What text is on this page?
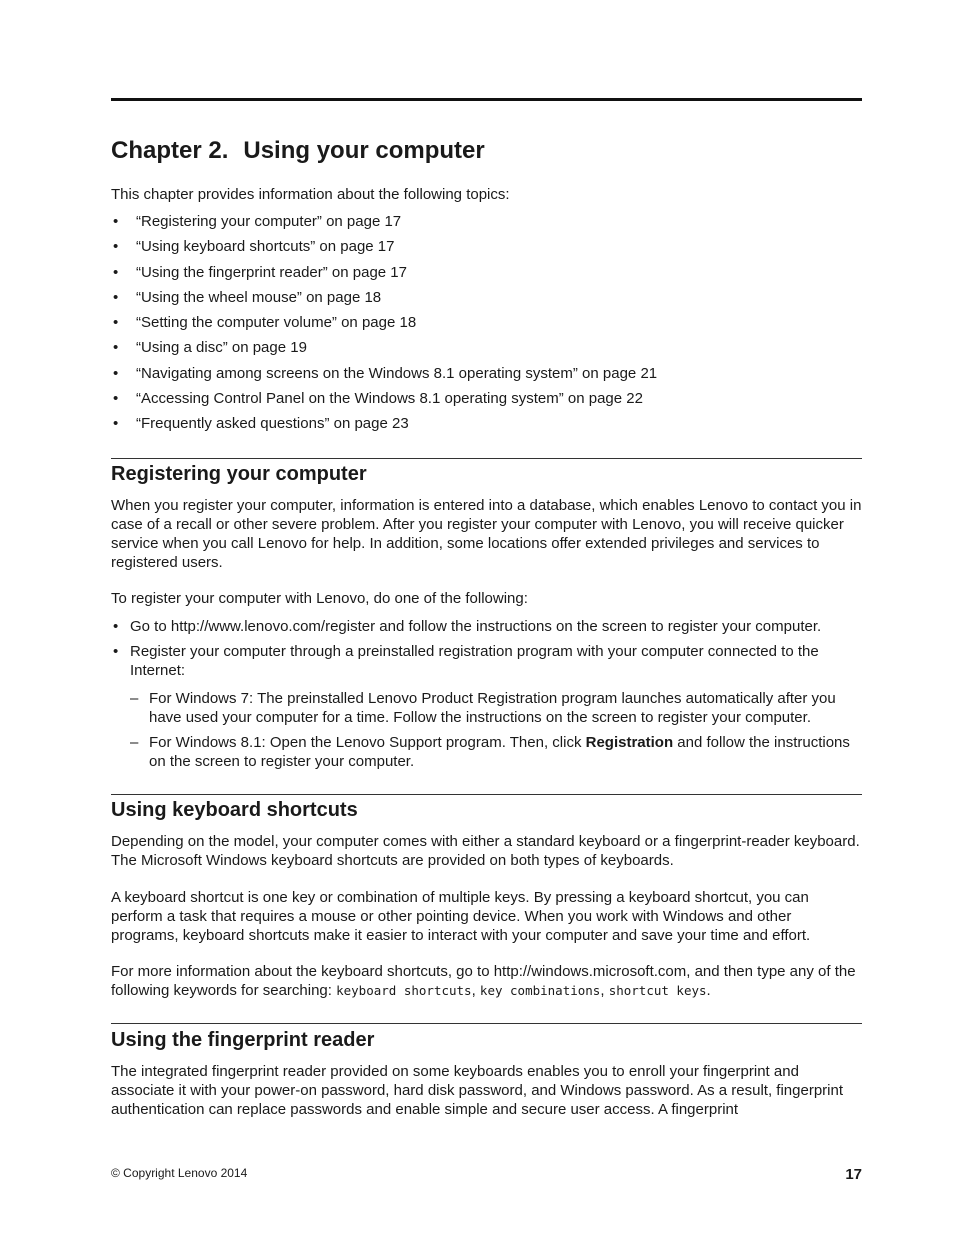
Chapter 2. Using your computer

This chapter provides information about the following topics:

• “Registering your computer” on page 17
• “Using keyboard shortcuts” on page 17
• “Using the fingerprint reader” on page 17
• “Using the wheel mouse” on page 18
• “Setting the computer volume” on page 18
• “Using a disc” on page 19
• “Navigating among screens on the Windows 8.1 operating system” on page 21
• “Accessing Control Panel on the Windows 8.1 operating system” on page 22
• “Frequently asked questions” on page 23
Registering your computer

When you register your computer, information is entered into a database, which enables Lenovo to contact you in case of a recall or other severe problem. After you register your computer with Lenovo, you will receive quicker service when you call Lenovo for help. In addition, some locations offer extended privileges and services to registered users.

To register your computer with Lenovo, do one of the following:

• Go to http://www.lenovo.com/register and follow the instructions on the screen to register your computer.
• Register your computer through a preinstalled registration program with your computer connected to the Internet:
– For Windows 7: The preinstalled Lenovo Product Registration program launches automatically after you have used your computer for a time. Follow the instructions on the screen to register your computer.
– For Windows 8.1: Open the Lenovo Support program. Then, click Registration and follow the instructions on the screen to register your computer.
Using keyboard shortcuts

Depending on the model, your computer comes with either a standard keyboard or a fingerprint-reader keyboard. The Microsoft Windows keyboard shortcuts are provided on both types of keyboards.

A keyboard shortcut is one key or combination of multiple keys. By pressing a keyboard shortcut, you can perform a task that requires a mouse or other pointing device. When you work with Windows and other programs, keyboard shortcuts make it easier to interact with your computer and save your time and effort.

For more information about the keyboard shortcuts, go to http://windows.microsoft.com, and then type any of the following keywords for searching: keyboard shortcuts, key combinations, shortcut keys.

Using the fingerprint reader

The integrated fingerprint reader provided on some keyboards enables you to enroll your fingerprint and associate it with your power-on password, hard disk password, and Windows password. As a result, fingerprint authentication can replace passwords and enable simple and secure user access. A fingerprint

© Copyright Lenovo 2014	17
